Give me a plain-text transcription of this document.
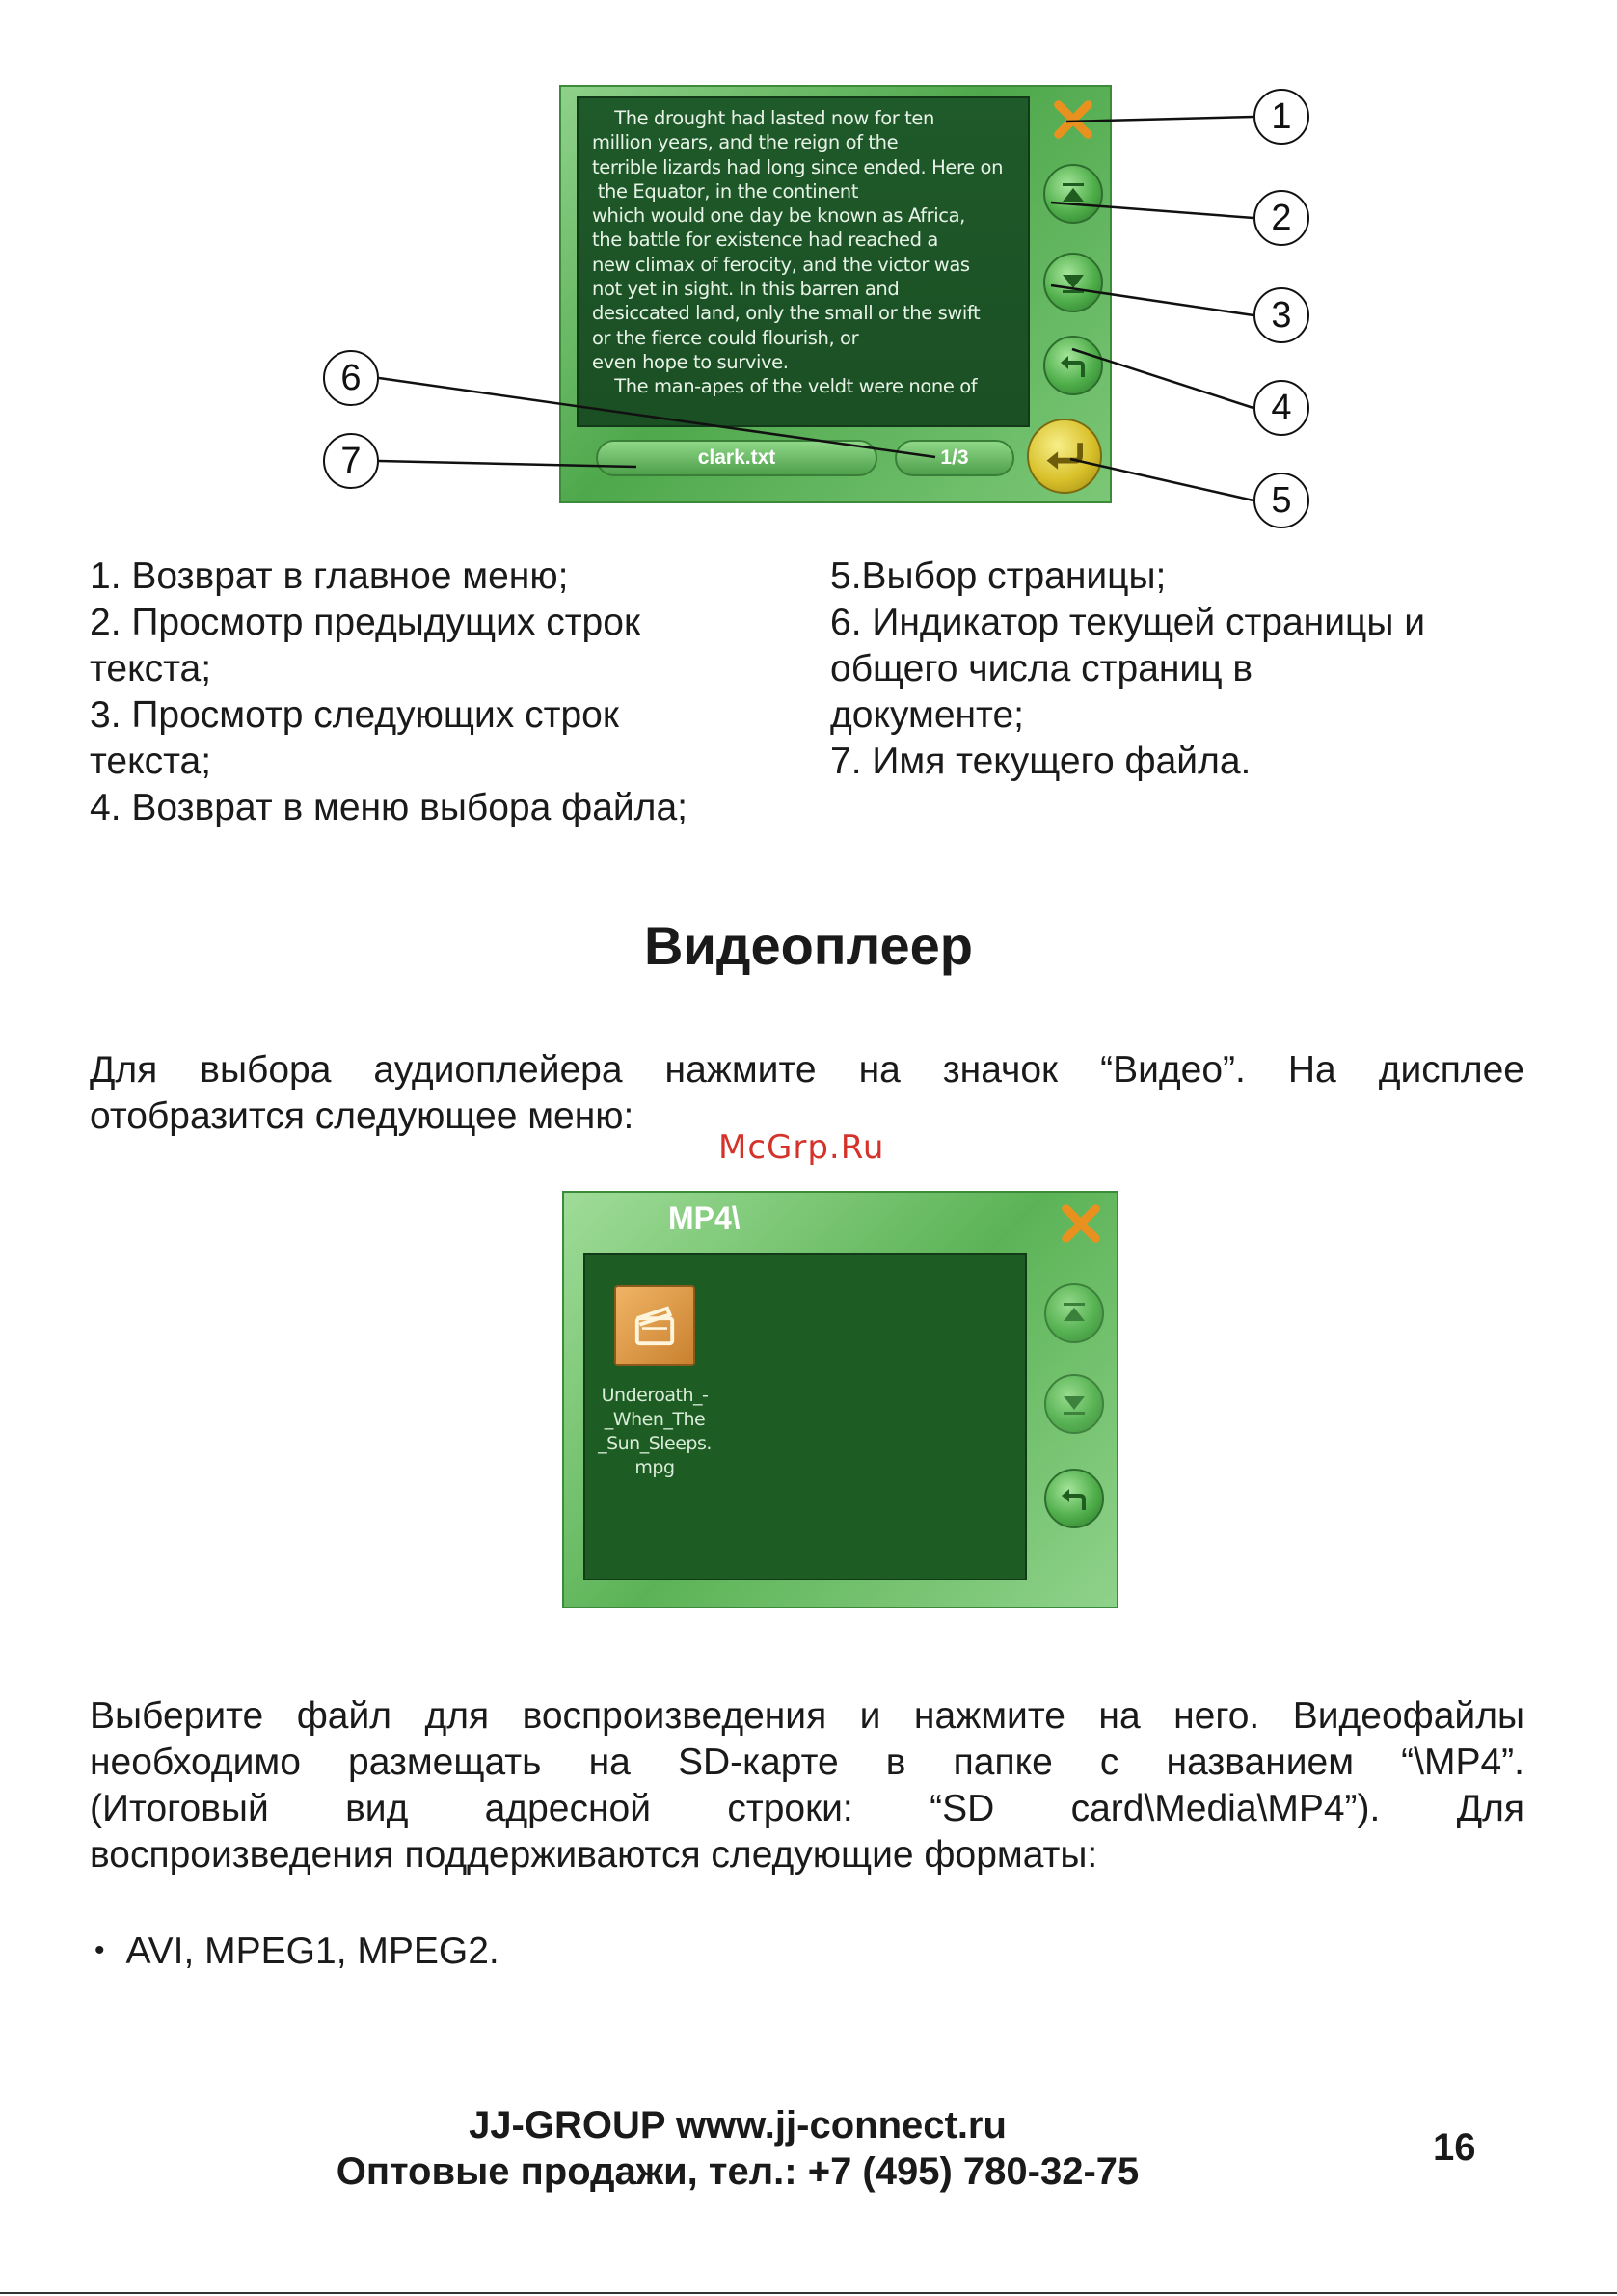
The drought had lasted now for ten

million years, and the reign of the

terrible lizards had long since ended. Here on

the Equator, in the continent

which would one day be known as Africa,

the battle for existence had reached a

new climax of ferocity, and the victor was

not yet in sight. In this barren and

desiccated land, only the small or the swift

or the fierce could flourish, or

even hope to survive.

The man-apes of the veldt were none of

clark.txt	1/3
1
2
3
4
5
6
7
1. Возврат в главное меню;
2. Просмотр предыдущих строк
текста;
3. Просмотр следующих строк
текста;
4. Возврат в меню выбора файла;
5.Выбор страницы;
6. Индикатор текущей страницы и
общего числа страниц в
документе;
7. Имя текущего файла.
Видеоплеер
Для выбора аудиоплейера нажмите на значок “Видео”. На дисплее
отобразится следующее меню:
McGrp.Ru
MP4\
Underoath_-
_When_The
_Sun_Sleeps.
mpg
Выберите файл для воспроизведения и нажмите на него. Видеофайлы
необходимо размещать на SD-карте в папке с названием “\MP4”.
(Итоговый вид адресной строки: “SD card\Media\MP4”). Для
воспроизведения поддерживаются следующие форматы:
• AVI, MPEG1, MPEG2.
JJ-GROUP www.jj-connect.ru
Оптовые продажи, тел.: +7 (495) 780-32-75
16
